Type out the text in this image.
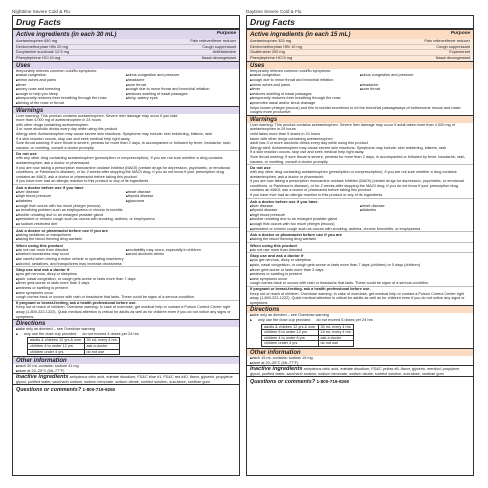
Nighttime Severe Cold & Flu
Drug Facts
Active ingredients (in each 30 mL)	Purpose
Acetaminophen 650 mg	Pain reliever/fever reducer
Dextromethorphan HBr 20 mg	Cough suppressant
Doxylamine succinate 12.5 mg	Antihistamine
Phenylephrine HCl 10 mg	Nasal decongestant
Uses
temporarily relieves common cold/flu symptoms:
■ nasal congestion	■ sinus congestion and pressure
■ minor aches and pains	■ headache
■ fever	■ sore throat
■ runny nose and sneezing	■ cough due to minor throat and bronchial irritation
■ cough to help you sleep	■ reduces swelling of nasal passages
■ temporarily restores freer breathing through the nose	■ itchy, watery eyes
■ itching of the nose or throat
Warnings

Liver warning: This product contains acetaminophen. Severe liver damage may occur if you take

more than 4,000 mg of acetaminophen in 24 hours

with other drugs containing acetaminophen

3 or more alcoholic drinks every day while using this product

Allergy alert: Acetaminophen may cause severe skin reactions. Symptoms may include: skin reddening, blisters, rash

If a skin reaction occurs, stop use and seek medical help right away.

Sore throat warning: If sore throat is severe, persists for more than 2 days, is accompanied or followed by fever, headache, rash, nausea, or vomiting, consult a doctor promptly.

Do not use

with any other drug containing acetaminophen (prescription or nonprescription). If you are not sure whether a drug contains acetaminophen, ask a doctor or pharmacist.

if you are now taking a prescription monoamine oxidase inhibitor (MAOI) (certain drugs for depression, psychiatric, or emotional conditions, or Parkinson's disease), or for 2 weeks after stopping the MAOI drug. If you do not know if your prescription drug contains an MAOI, ask a doctor or pharmacist before taking this product.

if you have ever had an allergic reaction to this product or any of its ingredients

Ask a doctor before use if you have
■ liver disease	■ heart disease
■ high blood pressure	■ thyroid disease
■ diabetes	■ glaucoma
■ cough that occurs with too much phlegm (mucus)
■ a breathing problem such as emphysema or chronic bronchitis
■ trouble urinating due to an enlarged prostate gland
■ persistent or chronic cough such as occurs with smoking, asthma, or emphysema
■ a sodium-restricted diet
Ask a doctor or pharmacist before use if you are
■ taking sedatives or tranquilizers
■ taking the blood thinning drug warfarin
When using this product
■ do not use more than directed	■ excitability may occur, especially in children
■ marked drowsiness may occur	■ avoid alcoholic drinks
■ be careful when driving a motor vehicle or operating machinery
■ alcohol, sedatives, and tranquilizers may increase drowsiness
Stop use and ask a doctor if
■ you get nervous, dizzy or sleepless
■ pain, nasal congestion, or cough gets worse or lasts more than 7 days
■ fever gets worse or lasts more than 3 days
■ redness or swelling is present
■ new symptoms occur
cough comes back or occurs with rash or headache that lasts. These could be signs of a serious condition.
If pregnant or breast-feeding, ask a health professional before use.
Keep out of reach of children. Overdose warning: In case of overdose, get medical help or contact a Poison Control Center right away (1-800-222-1222). Quick medical attention is critical for adults as well as for children even if you do not notice any signs or symptoms.
Directions
■ take only as directed – see Overdose warning
■ only use the dose cup provided do not exceed 4 doses per 24 hrs
adults & children 12 yrs & over	30 mL every 4 hrs
children 4 to under 12 yrs	ask a doctor
children under 4 yrs	do not use
Other information
■ each 30 mL contains: sodium 41 mg
■ store at 20–25°C (68–77°F)
Inactive ingredients anhydrous citric acid, edetate disodium, FD&C blue #1, FD&C red #40, flavor, glycerin, propylene glycol, purified water, saccharin sodium, sodium benzoate, sodium citrate, sorbitol solution, sucralose, xanthan gum
Questions or comments? 1-800-719-9260
Daytime Severe Cold & Flu
Drug Facts
Active ingredients (in each 15 mL)	Purpose
Acetaminophen 325 mg	Pain reliever/fever reducer
Dextromethorphan HBr 10 mg	Cough suppressant
Guaifenesin 200 mg	Expectorant
Phenylephrine HCl 5 mg	Nasal decongestant
Uses
temporarily relieves common cold/flu symptoms:
■ nasal congestion	■ sinus congestion and pressure
■ cough due to minor throat and bronchial irritation
■ minor aches and pains	■ headache
■ fever	■ sore throat
■ reduces swelling of nasal passages
■ temporarily restores freer breathing through the nose
■ promotes nasal and/or sinus drainage
helps loosen phlegm (mucus) and thin bronchial secretions to rid the bronchial passageways of bothersome mucus and make coughs more productive
Warnings

Liver warning: This product contains acetaminophen. Severe liver damage may occur if adult takes more than 4,000 mg of acetaminophen in 24 hours

child takes more than 5 doses in 24 hours

taken with other drugs containing acetaminophen

adult has 3 or more alcoholic drinks every day while using this product

Allergy alert: Acetaminophen may cause severe skin reactions. Symptoms may include: skin reddening, blisters, rash

If a skin reaction occurs, stop use and seek medical help right away.

Sore throat warning: If sore throat is severe, persists for more than 2 days, is accompanied or followed by fever, headache, rash, nausea, or vomiting, consult a doctor promptly.

Do not use

with any other drug containing acetaminophen (prescription or nonprescription). If you are not sure whether a drug contains acetaminophen, ask a doctor or pharmacist.

if you are now taking a prescription monoamine oxidase inhibitor (MAOI) (certain drugs for depression, psychiatric, or emotional conditions, or Parkinson's disease), or for 2 weeks after stopping the MAOI drug. If you do not know if your prescription drug contains an MAOI, ask a doctor or pharmacist before taking this product.

if you have ever had an allergic reaction to this product or any of its ingredients

Ask a doctor before use if you have
■ liver disease	■ heart disease
■ thyroid disease	■ diabetes
■ high blood pressure
■ trouble urinating due to an enlarged prostate gland
■ cough that occurs with too much phlegm (mucus)
■ persistent or chronic cough such as occurs with smoking, asthma, chronic bronchitis, or emphysema
Ask a doctor or pharmacist before use if you are
■ taking the blood thinning drug warfarin
When using this product
■ do not use more than directed
Stop use and ask a doctor if
■ you get nervous, dizzy or sleepless
■ pain, nasal congestion, or cough gets worse or lasts more than 7 days (children) or 5 days (children)
■ fever gets worse or lasts more than 3 days
■ redness or swelling is present
■ new symptoms occur
cough comes back or occurs with rash or headache that lasts. These could be signs of a serious condition.
If pregnant or breast-feeding, ask a health professional before use.
Keep out of reach of children. Overdose warning: In case of overdose, get medical help or contact a Poison Control Center right away (1-800-222-1222). Quick medical attention is critical for adults as well as for children even if you do not notice any signs or symptoms.
Directions
■ take only as directed – see Overdose warning
■ only use the dose cup provided do not exceed 5 doses per 24 hrs
adults & children 12 yrs & over	30 mL every 4 hrs
children 6 to under 12 yrs	15 mL every 4 hrs
children 4 to under 6 yrs	ask a doctor
children under 4 yrs	do not use
Other information
■ each 15 mL contains: sodium 15 mg
■ store at 20–25°C (68–77°F)
Inactive ingredients anhydrous citric acid, edetate disodium, FD&C yellow #6, flavor, glycerin, menthol, propylene glycol, purified water, saccharin sodium, sodium benzoate, sodium citrate, sorbitol solution, sucralose, xanthan gum
Questions or comments? 1-800-719-9260
